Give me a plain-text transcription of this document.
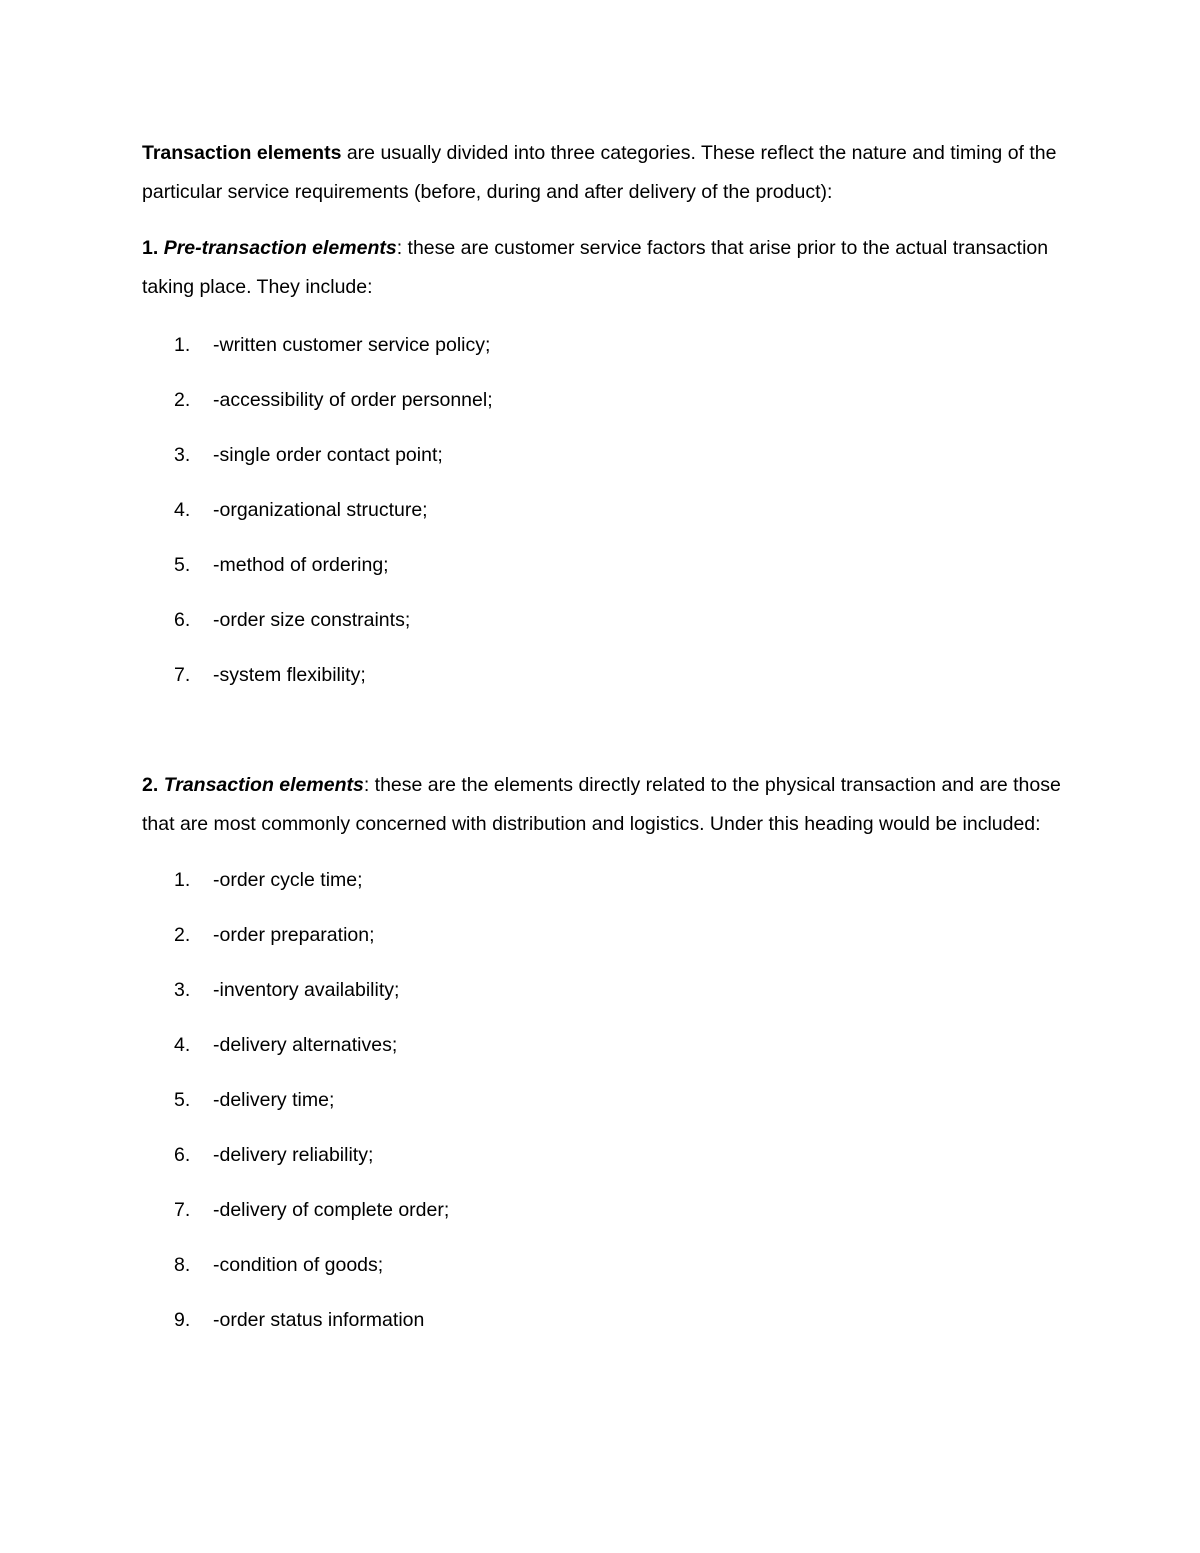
Transaction elements are usually divided into three categories. These reflect the nature and timing of the
particular service requirements (before, during and after delivery of the product):

1. Pre-transaction elements: these are customer service factors that arise prior to the actual transaction
taking place. They include:

1.	-written customer service policy;
2.	-accessibility of order personnel;
3.	-single order contact point;
4.	-organizational structure;
5.	-method of ordering;
6.	-order size constraints;
7.	-system flexibility;

2. Transaction elements: these are the elements directly related to the physical transaction and are those
that are most commonly concerned with distribution and logistics. Under this heading would be included:

1.	-order cycle time;
2.	-order preparation;
3.	-inventory availability;
4.	-delivery alternatives;
5.	-delivery time;
6.	-delivery reliability;
7.	-delivery of complete order;
8.	-condition of goods;
9.	-order status information
